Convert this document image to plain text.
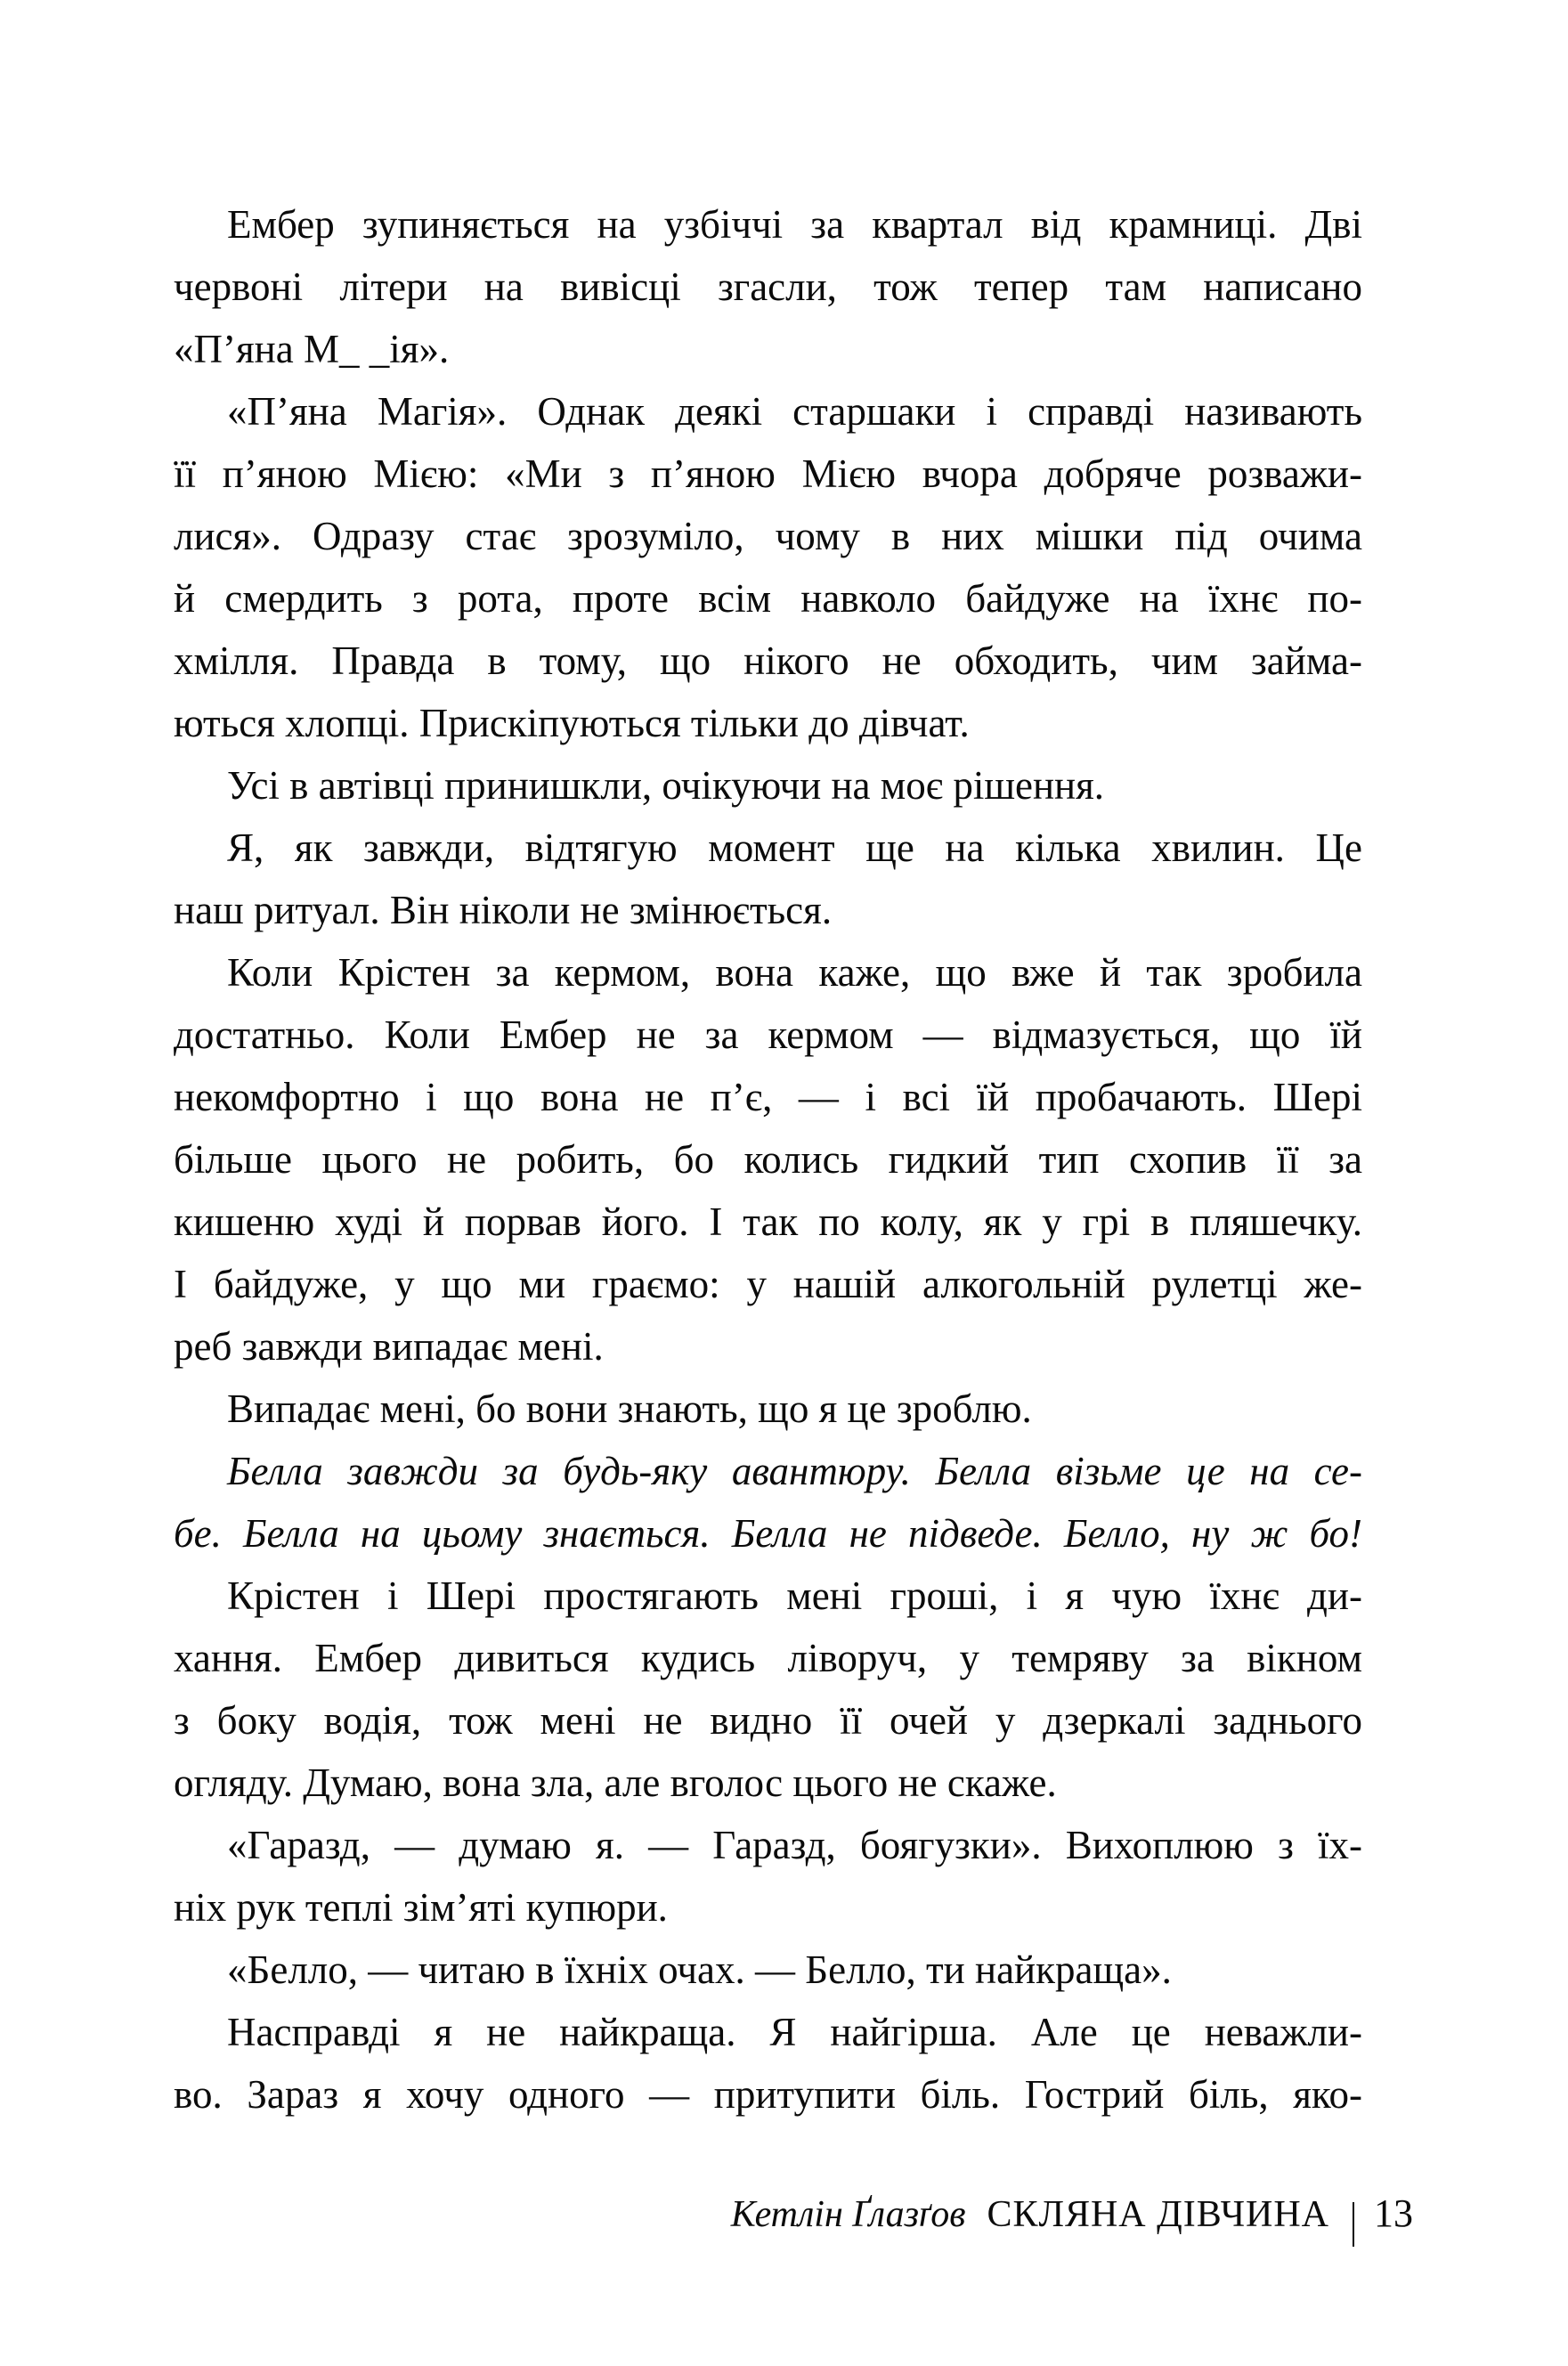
Ембер зупиняється на узбіччі за квартал від крамниці. Дві
червоні літери на вивісці згасли, тож тепер там написано
«П’яна М_ _ія».
«П’яна Магія». Однак деякі старшаки і справді називають
її п’яною Мією: «Ми з п’яною Мією вчора добряче розважи-
лися». Одразу стає зрозуміло, чому в них мішки під очима
й смердить з рота, проте всім навколо байдуже на їхнє по-
хмілля. Правда в тому, що нікого не обходить, чим займа-
ються хлопці. Прискіпуються тільки до дівчат.
Усі в автівці принишкли, очікуючи на моє рішення.
Я, як завжди, відтягую момент ще на кілька хвилин. Це
наш ритуал. Він ніколи не змінюється.
Коли Крістен за кермом, вона каже, що вже й так зробила
достатньо. Коли Ембер не за кермом — відмазується, що їй
некомфортно і що вона не п’є, — і всі їй пробачають. Шері
більше цього не робить, бо колись гидкий тип схопив її за
кишеню худі й порвав його. І так по колу, як у грі в пляшечку.
І байдуже, у що ми граємо: у нашій алкогольній рулетці же-
реб завжди випадає мені.
Випадає мені, бо вони знають, що я це зроблю.
Белла завжди за будь-яку авантюру. Белла візьме це на се-
бе. Белла на цьому знається. Белла не підведе. Белло, ну ж бо!
Крістен і Шері простягають мені гроші, і я чую їхнє ди-
хання. Ембер дивиться кудись ліворуч, у темряву за вікном
з боку водія, тож мені не видно її очей у дзеркалі заднього
огляду. Думаю, вона зла, але вголос цього не скаже.
«Гаразд, — думаю я. — Гаразд, боягузки». Вихоплюю з їх-
ніх рук теплі зім’яті купюри.
«Белло, — читаю в їхніх очах. — Белло, ти найкраща».
Насправді я не найкраща. Я найгірша. Але це неважли-
во. Зараз я хочу одного — притупити біль. Гострий біль, яко-
Кетлін Ґлазґов СКЛЯНА ДІВЧИНА 13
